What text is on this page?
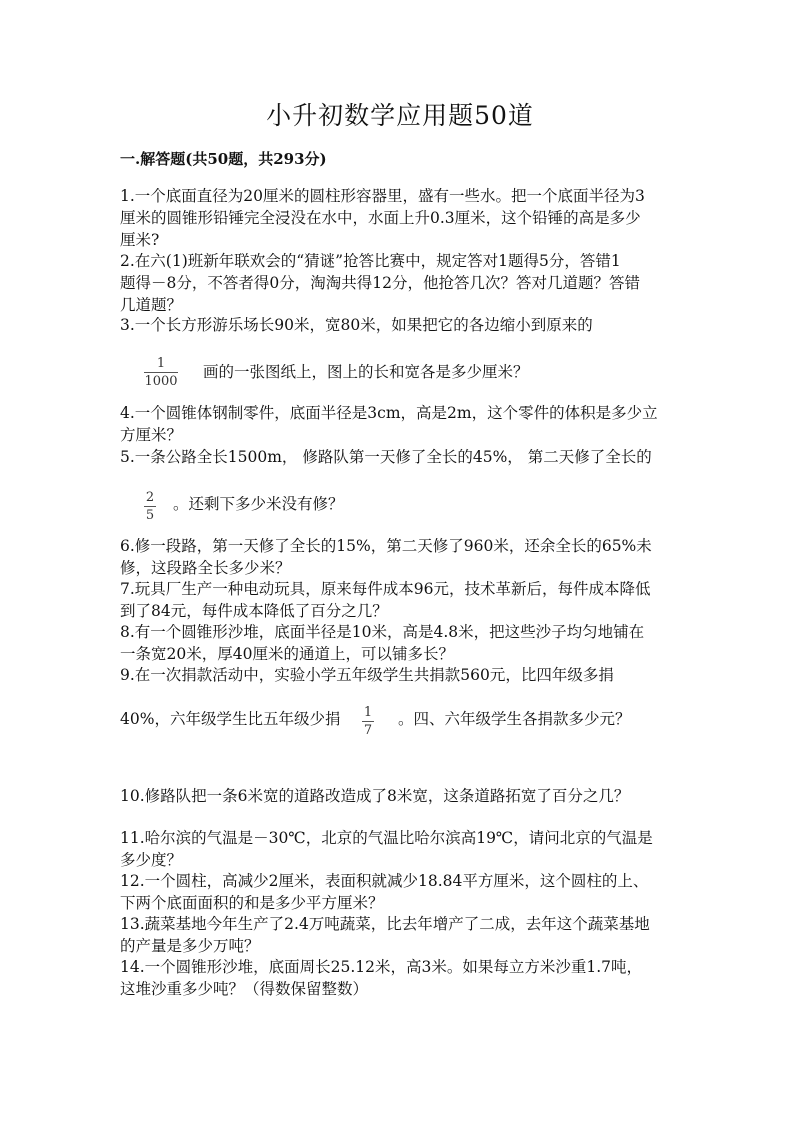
小升初数学应用题50道
一.解答题(共50题，共293分)
1.一个底面直径为20厘米的圆柱形容器里，盛有一些水。把一个底面半径为3
厘米的圆锥形铅锤完全浸没在水中，水面上升0.3厘米，这个铅锤的高是多少
厘米?
2.在六(1)班新年联欢会的“猜谜”抢答比赛中，规定答对1题得5分，答错1
题得－8分，不答者得0分，淘淘共得12分，他抢答几次？答对几道题？答错
几道题？
3.一个长方形游乐场长90米，宽80米，如果把它的各边缩小到原来的
1
1000
画的一张图纸上，图上的长和宽各是多少厘米？
4.一个圆锥体钢制零件，底面半径是3cm，高是2m，这个零件的体积是多少立
方厘米？
5.一条公路全长1500m， 修路队第一天修了全长的45%， 第二天修了全长的
2
5
。还剩下多少米没有修？
6.修一段路，第一天修了全长的15%，第二天修了960米，还余全长的65%未
修，这段路全长多少米？
7.玩具厂生产一种电动玩具，原来每件成本96元，技术革新后，每件成本降低
到了84元，每件成本降低了百分之几？
8.有一个圆锥形沙堆，底面半径是10米，高是4.8米，把这些沙子均匀地铺在
一条宽20米，厚40厘米的通道上，可以铺多长？
9.在一次捐款活动中，实验小学五年级学生共捐款560元，比四年级多捐
40%，六年级学生比五年级少捐 1
7
。四、六年级学生各捐款多少元？
10.修路队把一条6米宽的道路改造成了8米宽，这条道路拓宽了百分之几？
11.哈尔滨的气温是－30℃，北京的气温比哈尔滨高19℃，请问北京的气温是
多少度？
12.一个圆柱，高减少2厘米，表面积就减少18.84平方厘米，这个圆柱的上、
下两个底面面积的和是多少平方厘米？
13.蔬菜基地今年生产了2.4万吨蔬菜，比去年增产了二成，去年这个蔬菜基地
的产量是多少万吨？
14.一个圆锥形沙堆，底面周长25.12米，高3米。如果每立方米沙重1.7吨，
这堆沙重多少吨？（得数保留整数）
